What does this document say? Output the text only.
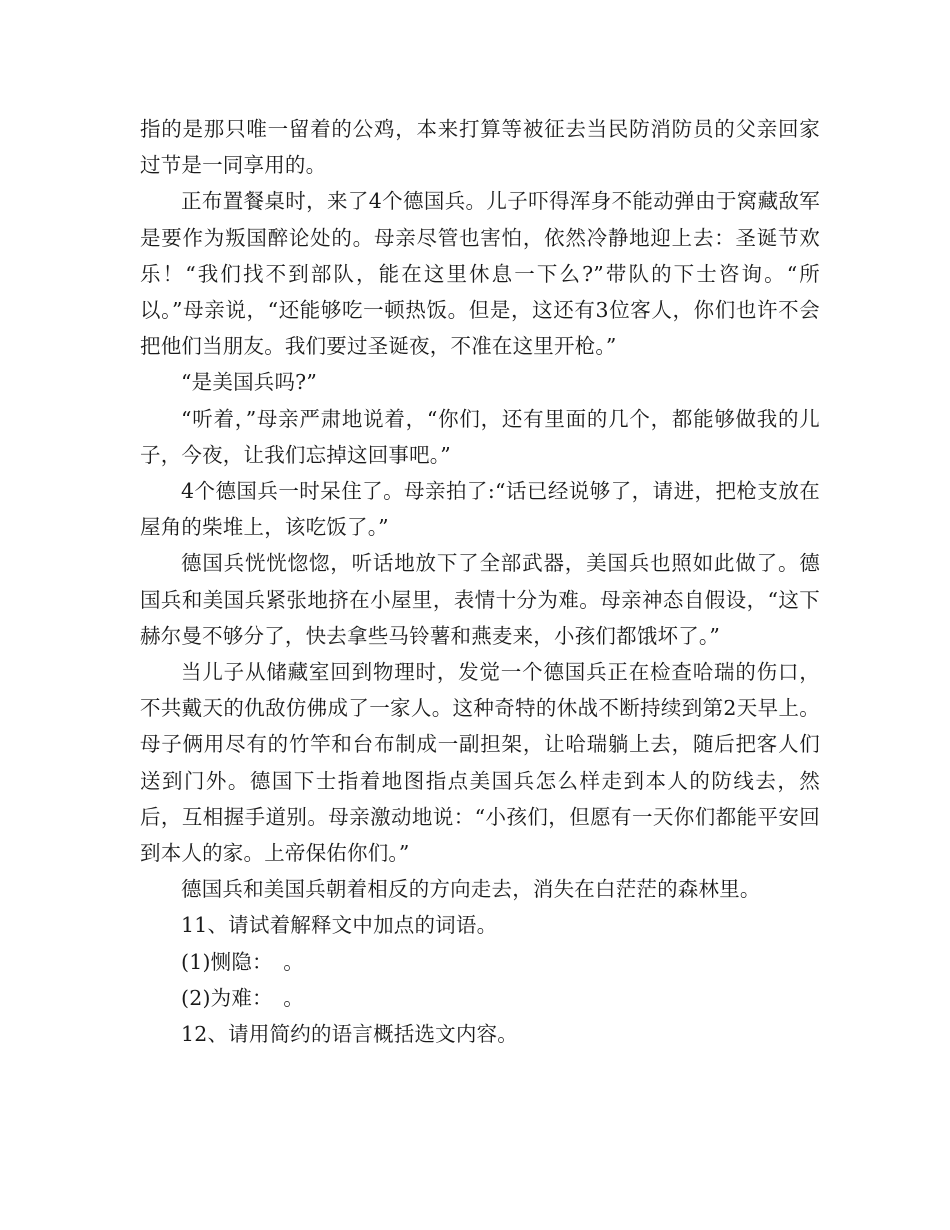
指的是那只唯一留着的公鸡，本来打算等被征去当民防消防员的父亲回家过节是一同享用的。

正布置餐桌时，来了4个德国兵。儿子吓得浑身不能动弹由于窝藏敌军是要作为叛国醉论处的。母亲尽管也害怕，依然冷静地迎上去：圣诞节欢乐！“我们找不到部队，能在这里休息一下么?”带队的下士咨询。“所以。”母亲说，“还能够吃一顿热饭。但是，这还有3位客人，你们也许不会把他们当朋友。我们要过圣诞夜，不准在这里开枪。”

“是美国兵吗?”

“听着，”母亲严肃地说着，“你们，还有里面的几个，都能够做我的儿子，今夜，让我们忘掉这回事吧。”

4个德国兵一时呆住了。母亲拍了:“话已经说够了，请进，把枪支放在屋角的柴堆上，该吃饭了。”

德国兵恍恍惚惚，听话地放下了全部武器，美国兵也照如此做了。德国兵和美国兵紧张地挤在小屋里，表情十分为难。母亲神态自假设，“这下赫尔曼不够分了，快去拿些马铃薯和燕麦来，小孩们都饿坏了。”

当儿子从储藏室回到物理时，发觉一个德国兵正在检查哈瑞的伤口，不共戴天的仇敌仿佛成了一家人。这种奇特的休战不断持续到第2天早上。母子俩用尽有的竹竿和台布制成一副担架，让哈瑞躺上去，随后把客人们送到门外。德国下士指着地图指点美国兵怎么样走到本人的防线去，然后，互相握手道别。母亲激动地说：“小孩们，但愿有一天你们都能平安回到本人的家。上帝保佑你们。”

德国兵和美国兵朝着相反的方向走去，消失在白茫茫的森林里。

11、请试着解释文中加点的词语。

(1)恻隐：　。

(2)为难：　。

12、请用简约的语言概括选文内容。
